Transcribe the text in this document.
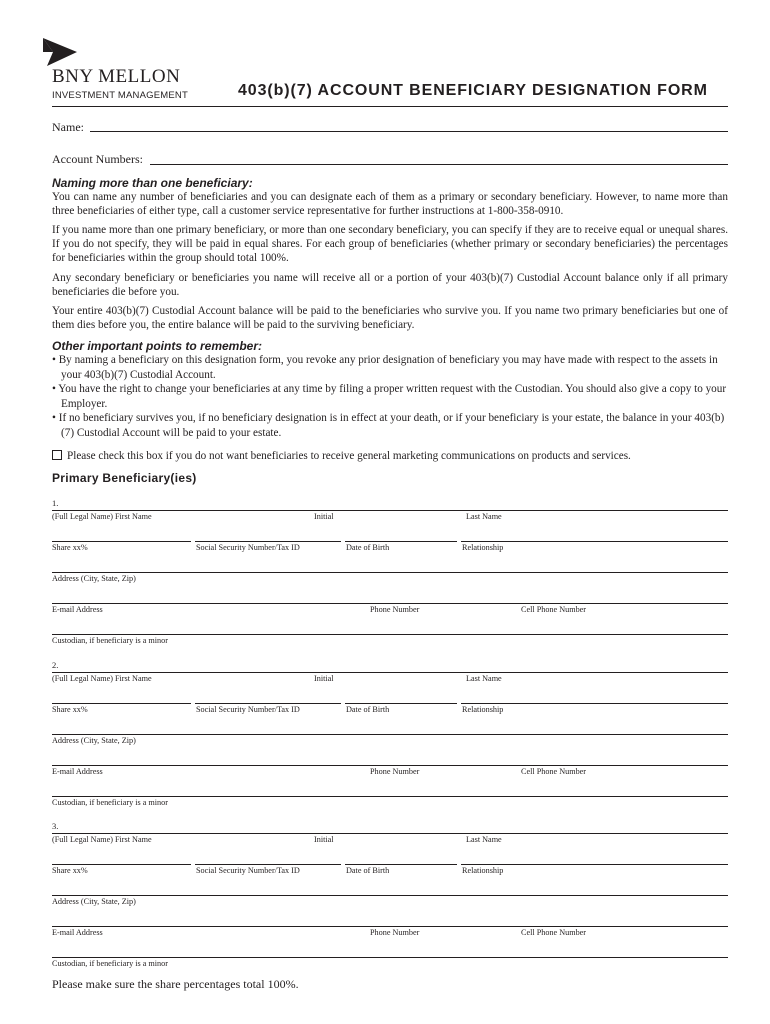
BNY MELLON
INVESTMENT MANAGEMENT	403(b)(7) ACCOUNT BENEFICIARY DESIGNATION FORM
Name:
Account Numbers:
Naming more than one beneficiary:
You can name any number of beneficiaries and you can designate each of them as a primary or secondary beneficiary. However, to name more than three beneficiaries of either type, call a customer service representative for further instructions at 1-800-358-0910.
If you name more than one primary beneficiary, or more than one secondary beneficiary, you can specify if they are to receive equal or unequal shares. If you do not specify, they will be paid in equal shares. For each group of beneficiaries (whether primary or secondary beneficiaries) the percentages for beneficiaries within the group should total 100%.
Any secondary beneficiary or beneficiaries you name will receive all or a portion of your 403(b)(7) Custodial Account balance only if all primary beneficiaries die before you.
Your entire 403(b)(7) Custodial Account balance will be paid to the beneficiaries who survive you. If you name two primary beneficiaries but one of them dies before you, the entire balance will be paid to the surviving beneficiary.
Other important points to remember:
• By naming a beneficiary on this designation form, you revoke any prior designation of beneficiary you may have made with respect to the assets in your 403(b)(7) Custodial Account.
• You have the right to change your beneficiaries at any time by filing a proper written request with the Custodian. You should also give a copy to your Employer.
• If no beneficiary survives you, if no beneficiary designation is in effect at your death, or if your beneficiary is your estate, the balance in your 403(b)(7) Custodial Account will be paid to your estate.
Please check this box if you do not want beneficiaries to receive general marketing communications on products and services.
Primary Beneficiary(ies)
1.
(Full Legal Name) First Name	Initial	Last Name
Share xx%	Social Security Number/Tax ID	Date of Birth	Relationship
Address (City, State, Zip)
E-mail Address	Phone Number	Cell Phone Number
Custodian, if beneficiary is a minor
2.
(Full Legal Name) First Name	Initial	Last Name
Share xx%	Social Security Number/Tax ID	Date of Birth	Relationship
Address (City, State, Zip)
E-mail Address	Phone Number	Cell Phone Number
Custodian, if beneficiary is a minor
3.
(Full Legal Name) First Name	Initial	Last Name
Share xx%	Social Security Number/Tax ID	Date of Birth	Relationship
Address (City, State, Zip)
E-mail Address	Phone Number	Cell Phone Number
Custodian, if beneficiary is a minor
Please make sure the share percentages total 100%.
